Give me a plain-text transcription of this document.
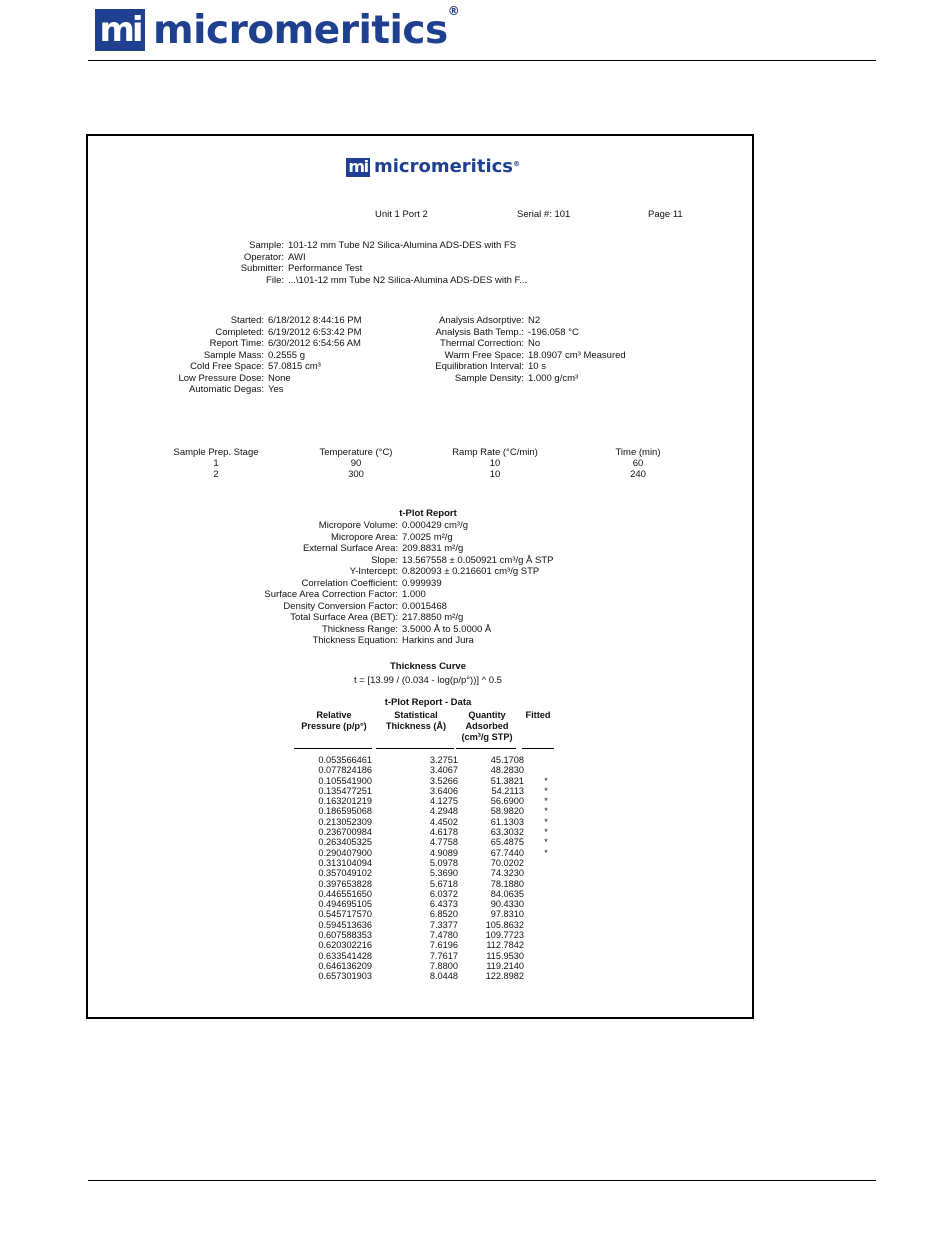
mi micromeritics®
mi micromeritics®
Unit 1 Port 2	Serial #: 101	Page 11
Sample: 101-12 mm Tube N2 Silica-Alumina ADS-DES with FS
Operator: AWI
Submitter: Performance Test
File: ...\101-12 mm Tube N2 Silica-Alumina ADS-DES with F...
Started: 6/18/2012 8:44:16 PM
Completed: 6/19/2012 6:53:42 PM
Report Time: 6/30/2012 6:54:56 AM
Sample Mass: 0.2555 g
Cold Free Space: 57.0815 cm³
Low Pressure Dose: None
Automatic Degas: Yes
Analysis Adsorptive: N2
Analysis Bath Temp.: -196.058 °C
Thermal Correction: No
Warm Free Space: 18.0907 cm³ Measured
Equilibration Interval: 10 s
Sample Density: 1.000 g/cm³
Sample Prep. Stage	Temperature (°C)	Ramp Rate (°C/min)	Time (min)
1	90	10	60
2	300	10	240
t-Plot Report
Micropore Volume: 0.000429 cm³/g
Micropore Area: 7.0025 m²/g
External Surface Area: 209.8831 m²/g
Slope: 13.567558 ± 0.050921 cm³/g Å STP
Y-Intercept: 0.820093 ± 0.216601 cm³/g STP
Correlation Coefficient: 0.999939
Surface Area Correction Factor: 1.000
Density Conversion Factor: 0.0015468
Total Surface Area (BET): 217.8850 m²/g
Thickness Range: 3.5000 Å to 5.0000 Å
Thickness Equation: Harkins and Jura
Thickness Curve
t = [13.99 / (0.034 - log(p/p°))] ^ 0.5
t-Plot Report - Data
Relative
Pressure (p/p°)
Statistical
Thickness (Å)
Quantity
Adsorbed
(cm³/g STP)
Fitted
0.053566461	3.2751	45.1708	
0.077824186	3.4067	48.2830	
0.105541900	3.5266	51.3821	*
0.135477251	3.6406	54.2113	*
0.163201219	4.1275	56.6900	*
0.186595068	4.2948	58.9820	*
0.213052309	4.4502	61.1303	*
0.236700984	4.6178	63.3032	*
0.263405325	4.7758	65.4875	*
0.290407900	4.9089	67.7440	*
0.313104094	5.0978	70.0202	
0.357049102	5.3690	74.3230	
0.397653828	5.6718	78.1880	
0.446551650	6.0372	84.0635	
0.494695105	6.4373	90.4330	
0.545717570	6.8520	97.8310	
0.594513636	7.3377	105.8632	
0.607588353	7.4780	109.7723	
0.620302216	7.6196	112.7842	
0.633541428	7.7617	115.9530	
0.646136209	7.8800	119.2140	
0.657301903	8.0448	122.8982	
